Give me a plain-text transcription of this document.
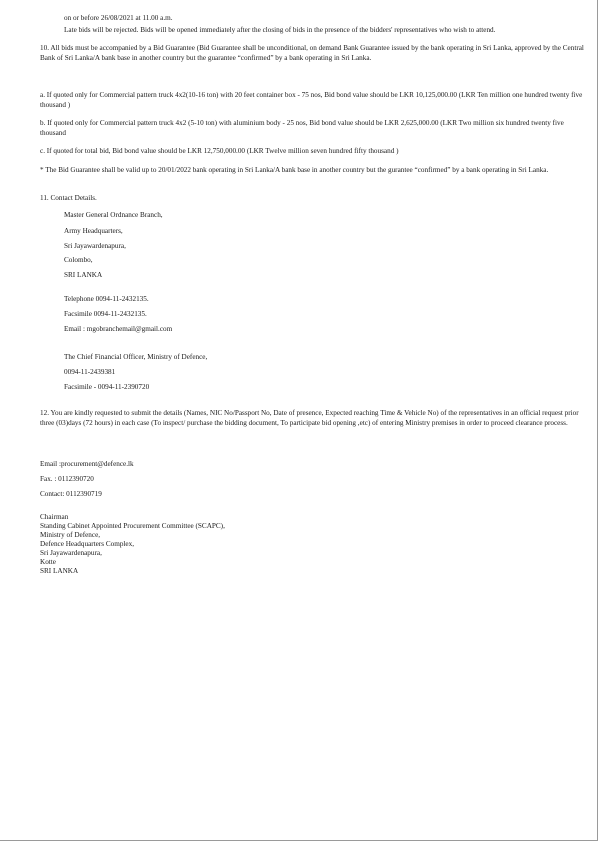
on or before 26/08/2021 at 11.00 a.m.

Late bids will be rejected. Bids will be opened immediately after the closing of bids in the presence of the bidders' representatives who wish to attend.

10. All bids must be accompanied by a Bid Guarantee (Bid Guarantee shall be unconditional, on demand Bank Guarantee issued by the bank operating in Sri Lanka, approved by the Central Bank of Sri Lanka/A bank base in another country but the guarantee “confirmed” by a bank operating in Sri Lanka.

a. If quoted only for Commercial pattern truck 4x2(10-16 ton) with 20 feet container box - 75 nos, Bid bond value should be LKR 10,125,000.00 (LKR Ten million one hundred twenty five thousand )

b. If quoted only for Commercial pattern truck 4x2 (5-10 ton) with aluminium body - 25 nos, Bid bond value should be LKR 2,625,000.00 (LKR Two million six hundred twenty five thousand

c. If quoted for total bid, Bid bond value should be LKR 12,750,000.00 (LKR Twelve million seven hundred fifty thousand )

* The Bid Guarantee shall be valid up to 20/01/2022 bank operating in Sri Lanka/A bank base in another country but the gurantee “confirmed” by a bank operating in Sri Lanka.

11. Contact Details.

Master General Ordnance Branch,

Army Headquarters,

Sri Jayawardenapura,

Colombo,

SRI LANKA

Telephone 0094-11-2432135.

Facsimile 0094-11-2432135.

Email : mgobranchemail@gmail.com

The Chief Financial Officer, Ministry of Defence,

0094-11-2439381

Facsimile - 0094-11-2390720

12. You are kindly requested to submit the details (Names, NIC No/Passport No, Date of presence, Expected reaching Time & Vehicle No) of the representatives in an official request prior three (03)days (72 hours) in each case (To inspect/ purchase the bidding document, To participate bid opening ,etc) of entering Ministry premises in order to proceed clearance process.

Email :procurement@defence.lk

Fax. : 0112390720

Contact: 0112390719

Chairman

Standing Cabinet Appointed Procurement Committee (SCAPC),

Ministry of Defence,

Defence Headquarters Complex,

Sri Jayawardenapura,

Kotte

SRI LANKA
